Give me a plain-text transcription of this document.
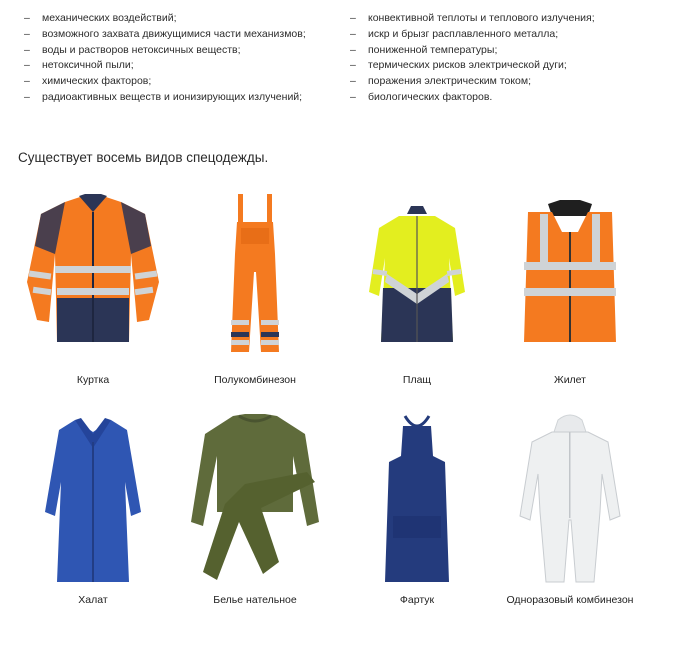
– механических воздействий;
– возможного захвата движущимися части механизмов;
– воды и растворов нетоксичных веществ;
– нетоксичной пыли;
– химических факторов;
– радиоактивных веществ и ионизирующих излучений;
– конвективной теплоты и теплового излучения;
– искр и брызг расплавленного металла;
– пониженной температуры;
– термических рисков электрической дуги;
– поражения электрическим током;
– биологических факторов.

Существует восемь видов спецодежды.

Куртка	Полукомбинезон	Плащ	Жилет
Халат	Белье нательное	Фартук	Одноразовый комбинезон
